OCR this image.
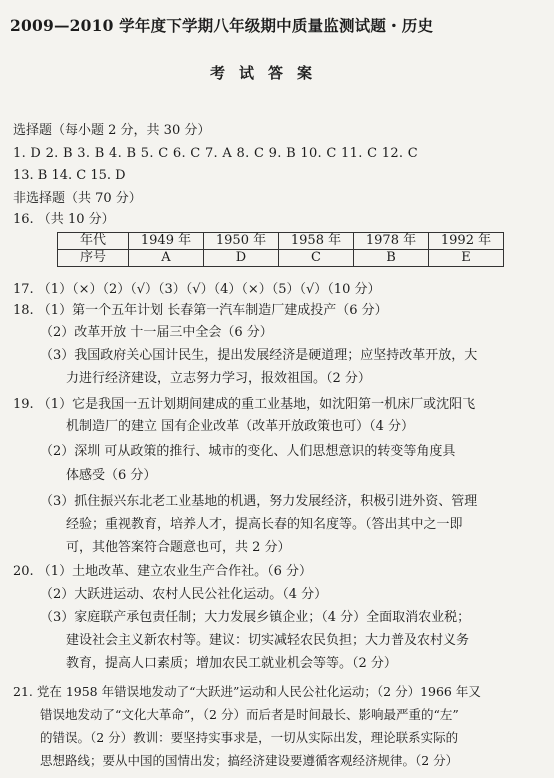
2009—2010 学年度下学期八年级期中质量监测试题・历史
考试答案
选择题（每小题 2 分，共 30 分）
1. D 2. B 3. B 4. B 5. C 6. C 7. A 8. C 9. B 10. C 11. C 12. C
13. B 14. C 15. D
非选择题（共 70 分）
16. （共 10 分）
年代	1949 年	1950 年	1958 年	1978 年	1992 年
序号	A	D	C	B	E
17. （1）（×）（2）（√）（3）（√）（4）（×）（5）（√）（10 分）
18. （1）第一个五年计划 长春第一汽车制造厂建成投产（6 分）
（2）改革开放 十一届三中全会（6 分）
（3）我国政府关心国计民生，提出发展经济是硬道理；应坚持改革开放，大
力进行经济建设，立志努力学习，报效祖国。（2 分）
19. （1）它是我国一五计划期间建成的重工业基地，如沈阳第一机床厂或沈阳飞
机制造厂的建立 国有企业改革（改革开放政策也可）（4 分）
（2）深圳 可从政策的推行、城市的变化、人们思想意识的转变等角度具
体感受（6 分）
（3）抓住振兴东北老工业基地的机遇，努力发展经济，积极引进外资、管理
经验；重视教育，培养人才，提高长春的知名度等。（答出其中之一即
可，其他答案符合题意也可，共 2 分）
20. （1）土地改革、建立农业生产合作社。（6 分）
（2）大跃进运动、农村人民公社化运动。（4 分）
（3）家庭联产承包责任制；大力发展乡镇企业；（4 分）全面取消农业税；
建设社会主义新农村等。建议：切实减轻农民负担；大力普及农村义务
教育，提高人口素质；增加农民工就业机会等等。（2 分）
21. 党在 1958 年错误地发动了“大跃进”运动和人民公社化运动；（2 分）1966 年又
错误地发动了“文化大革命”，（2 分）而后者是时间最长、影响最严重的“左”
的错误。（2 分）教训：要坚持实事求是，一切从实际出发，理论联系实际的
思想路线；要从中国的国情出发；搞经济建设要遵循客观经济规律。（2 分）
